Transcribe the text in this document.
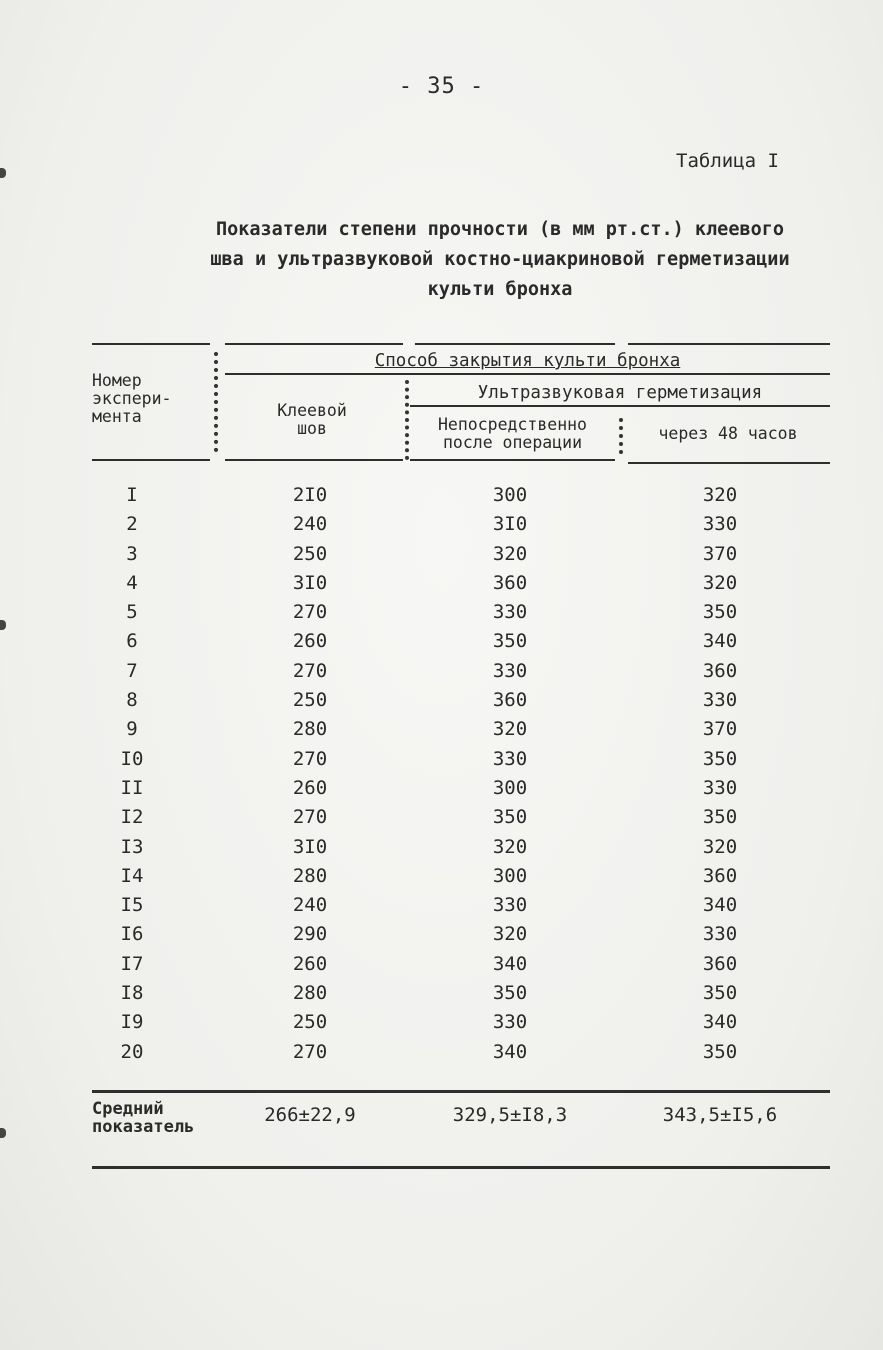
- 35 -
Таблица I
Показатели степени прочности (в мм рт.ст.) клеевого
шва и ультразвуковой костно-циакриновой герметизации
культи бронха
Номер
экспери-
мента
Способ закрытия культи бронха
Клеевой
шов
Ультразвуковая герметизация
Непосредственно
после операции	через 48 часов
I	2I0	300	320
2	240	3I0	330
3	250	320	370
4	3I0	360	320
5	270	330	350
6	260	350	340
7	270	330	360
8	250	360	330
9	280	320	370
I0	270	330	350
II	260	300	330
I2	270	350	350
I3	3I0	320	320
I4	280	300	360
I5	240	330	340
I6	290	320	330
I7	260	340	360
I8	280	350	350
I9	250	330	340
20	270	340	350
Средний
показатель
266±22,9	329,5±I8,3	343,5±I5,6
